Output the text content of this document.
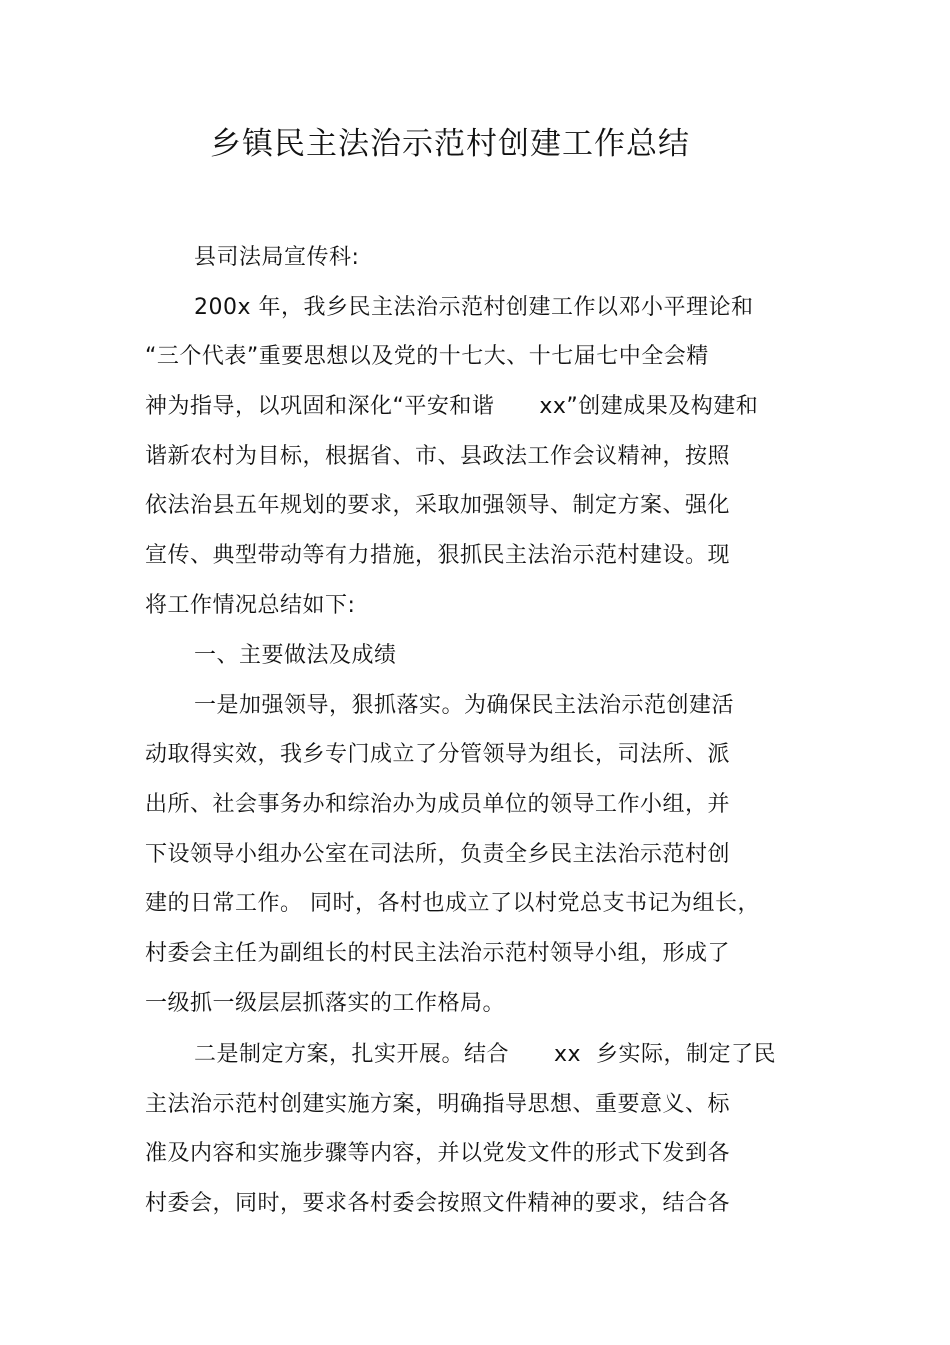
乡镇民主法治示范村创建工作总结
县司法局宣传科:
200x 年，我乡民主法治示范村创建工作以邓小平理论和
“三个代表”重要思想以及党的十七大、十七届七中全会精
神为指导，以巩固和深化“平安和谐      xx”创建成果及构建和
谐新农村为目标，根据省、市、县政法工作会议精神，按照
依法治县五年规划的要求，采取加强领导、制定方案、强化
宣传、典型带动等有力措施，狠抓民主法治示范村建设。现
将工作情况总结如下:
一、主要做法及成绩
一是加强领导，狠抓落实。为确保民主法治示范创建活
动取得实效，我乡专门成立了分管领导为组长，司法所、派
出所、社会事务办和综治办为成员单位的领导工作小组，并
下设领导小组办公室在司法所，负责全乡民主法治示范村创
建的日常工作。 同时，各村也成立了以村党总支书记为组长，
村委会主任为副组长的村民主法治示范村领导小组，形成了
一级抓一级层层抓落实的工作格局。
二是制定方案，扎实开展。结合      xx  乡实际，制定了民
主法治示范村创建实施方案，明确指导思想、重要意义、标
准及内容和实施步骤等内容，并以党发文件的形式下发到各
村委会，同时，要求各村委会按照文件精神的要求，结合各
